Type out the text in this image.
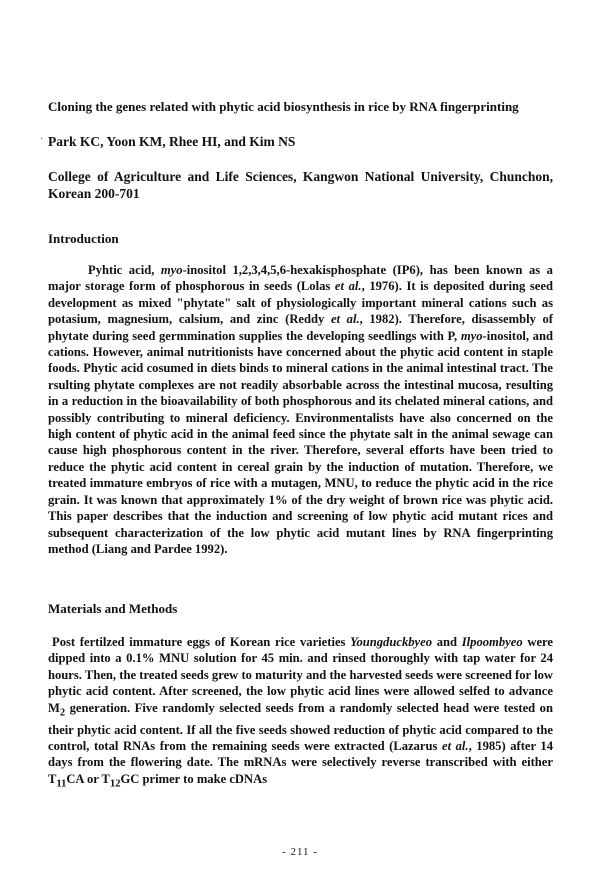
·

Cloning the genes related with phytic acid biosynthesis in rice by RNA fingerprinting

Park KC, Yoon KM, Rhee HI, and Kim NS

College of Agriculture and Life Sciences, Kangwon National University, Chunchon, Korean 200-701

Introduction

Pyhtic acid, myo-inositol 1,2,3,4,5,6-hexakisphosphate (IP6), has been known as a major storage form of phosphorous in seeds (Lolas et al., 1976). It is deposited during seed development as mixed "phytate" salt of physiologically important mineral cations such as potasium, magnesium, calsium, and zinc (Reddy et al., 1982). Therefore, disassembly of phytate during seed germmination supplies the developing seedlings with P, myo-inositol, and cations. However, animal nutritionists have concerned about the phytic acid content in staple foods. Phytic acid cosumed in diets binds to mineral cations in the animal intestinal tract. The rsulting phytate complexes are not readily absorbable across the intestinal mucosa, resulting in a reduction in the bioavailability of both phosphorous and its chelated mineral cations, and possibly contributing to mineral deficiency. Environmentalists have also concerned on the high content of phytic acid in the animal feed since the phytate salt in the animal sewage can cause high phosphorous content in the river. Therefore, several efforts have been tried to reduce the phytic acid content in cereal grain by the induction of mutation. Therefore, we treated immature embryos of rice with a mutagen, MNU, to reduce the phytic acid in the rice grain. It was known that approximately 1% of the dry weight of brown rice was phytic acid. This paper describes that the induction and screening of low phytic acid mutant rices and subsequent characterization of the low phytic acid mutant lines by RNA fingerprinting method (Liang and Pardee 1992).

Materials and Methods

Post fertilzed immature eggs of Korean rice varieties Youngduckbyeo and Ilpoombyeo were dipped into a 0.1% MNU solution for 45 min. and rinsed thoroughly with tap water for 24 hours. Then, the treated seeds grew to maturity and the harvested seeds were screened for low phytic acid content. After screened, the low phytic acid lines were allowed selfed to advance $M_2$ generation. Five randomly selected seeds from a randomly selected head were tested on their phytic acid content. If all the five seeds showed reduction of phytic acid compared to the control, total RNAs from the remaining seeds were extracted (Lazarus et al., 1985) after 14 days from the flowering date. The mRNAs were selectively reverse transcribed with either $T_{11}CA$ or $T_{12}GC$ primer to make cDNAs

- 211 -
